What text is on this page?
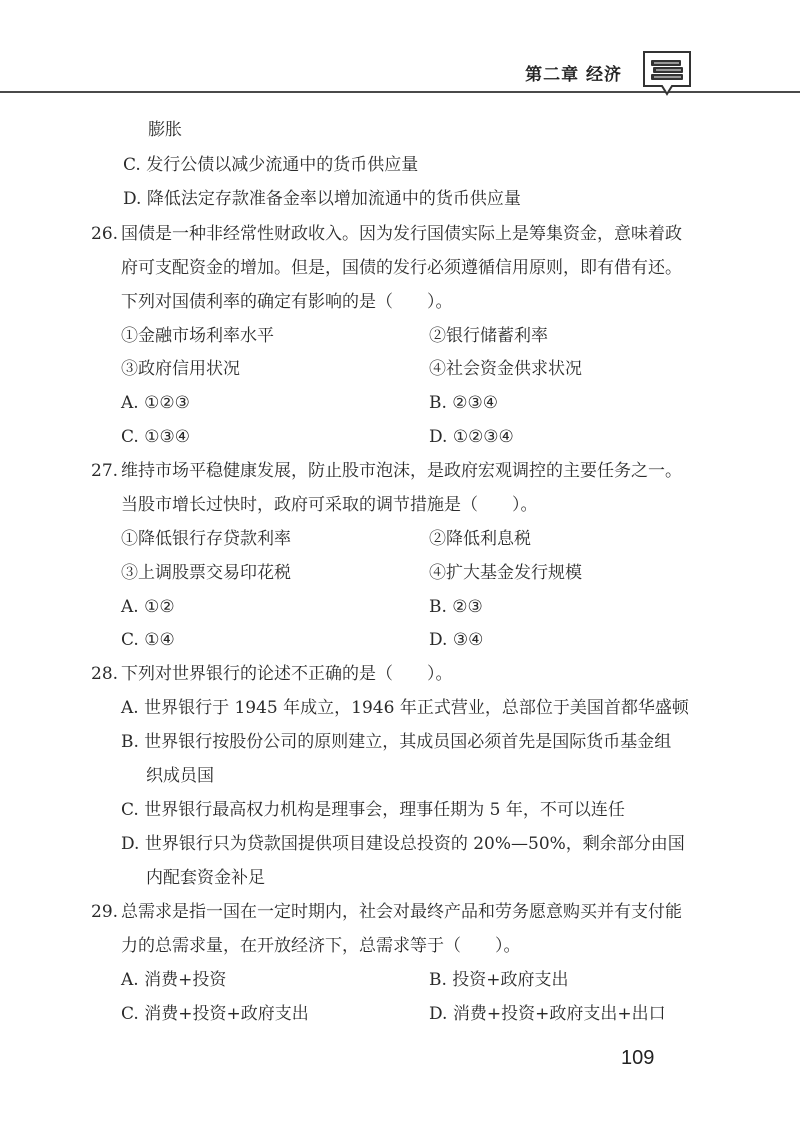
第二章 经济
膨胀
C. 发行公债以减少流通中的货币供应量
D. 降低法定存款准备金率以增加流通中的货币供应量
26. 国债是一种非经常性财政收入。因为发行国债实际上是筹集资金，意味着政
府可支配资金的增加。但是，国债的发行必须遵循信用原则，即有借有还。
下列对国债利率的确定有影响的是（　　）。
①金融市场利率水平	②银行储蓄利率
③政府信用状况	④社会资金供求状况
A. ①②③	B. ②③④
C. ①③④	D. ①②③④
27. 维持市场平稳健康发展，防止股市泡沫，是政府宏观调控的主要任务之一。
当股市增长过快时，政府可采取的调节措施是（　　）。
①降低银行存贷款利率	②降低利息税
③上调股票交易印花税	④扩大基金发行规模
A. ①②	B. ②③
C. ①④	D. ③④
28. 下列对世界银行的论述不正确的是（　　）。
A. 世界银行于 1945 年成立，1946 年正式营业，总部位于美国首都华盛顿
B. 世界银行按股份公司的原则建立，其成员国必须首先是国际货币基金组
织成员国
C. 世界银行最高权力机构是理事会，理事任期为 5 年，不可以连任
D. 世界银行只为贷款国提供项目建设总投资的 20%—50%，剩余部分由国
内配套资金补足
29. 总需求是指一国在一定时期内，社会对最终产品和劳务愿意购买并有支付能
力的总需求量，在开放经济下，总需求等于（　　）。
A. 消费+投资	B. 投资+政府支出
C. 消费+投资+政府支出	D. 消费+投资+政府支出+出口
109
